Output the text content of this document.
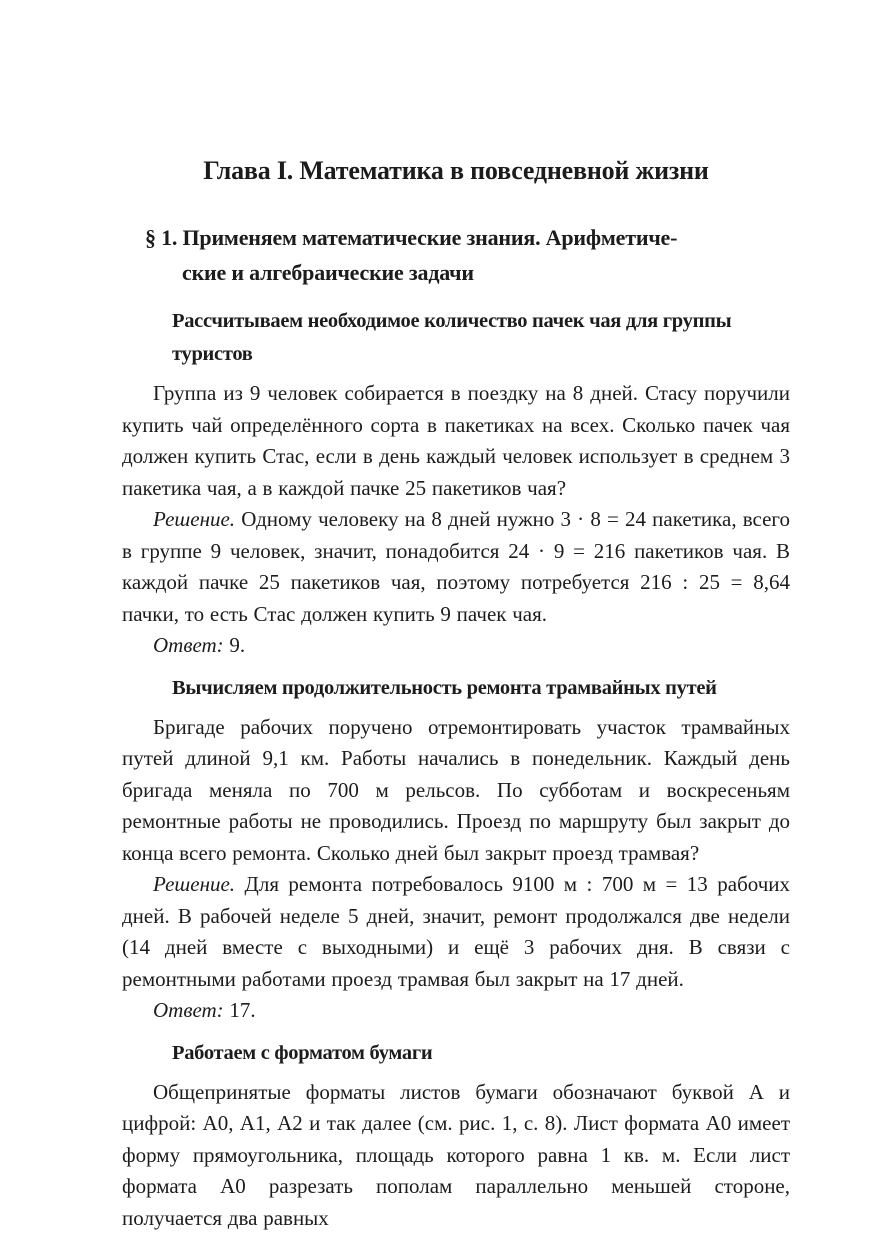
Глава I. Математика в повседневной жизни
§ 1. Применяем математические знания. Арифметиче-
ские и алгебраические задачи
Рассчитываем необходимое количество пачек чая для группы
туристов

Группа из 9 человек собирается в поездку на 8 дней. Стасу поручили купить чай определённого сорта в пакетиках на всех. Сколько пачек чая должен купить Стас, если в день каждый человек использует в среднем 3 пакетика чая, а в каждой пачке 25 пакетиков чая?

Решение. Одному человеку на 8 дней нужно 3 · 8 = 24 пакетика, всего в группе 9 человек, значит, понадобится 24 · 9 = 216 пакетиков чая. В каждой пачке 25 пакетиков чая, поэтому потребуется 216 : 25 = 8,64 пачки, то есть Стас должен купить 9 пачек чая.

Ответ: 9.

Вычисляем продолжительность ремонта трамвайных путей

Бригаде рабочих поручено отремонтировать участок трамвайных путей длиной 9,1 км. Работы начались в понедельник. Каждый день бригада меняла по 700 м рельсов. По субботам и воскресеньям ремонтные работы не проводились. Проезд по маршруту был закрыт до конца всего ремонта. Сколько дней был закрыт проезд трамвая?

Решение. Для ремонта потребовалось 9100 м : 700 м = 13 рабочих дней. В рабочей неделе 5 дней, значит, ремонт продолжался две недели (14 дней вместе с выходными) и ещё 3 рабочих дня. В связи с ремонтными работами проезд трамвая был закрыт на 17 дней.

Ответ: 17.

Работаем с форматом бумаги

Общепринятые форматы листов бумаги обозначают буквой А и цифрой: А0, А1, А2 и так далее (см. рис. 1, с. 8). Лист формата А0 имеет форму прямоугольника, площадь которого равна 1 кв. м. Если лист формата А0 разрезать пополам параллельно меньшей стороне, получается два равных
